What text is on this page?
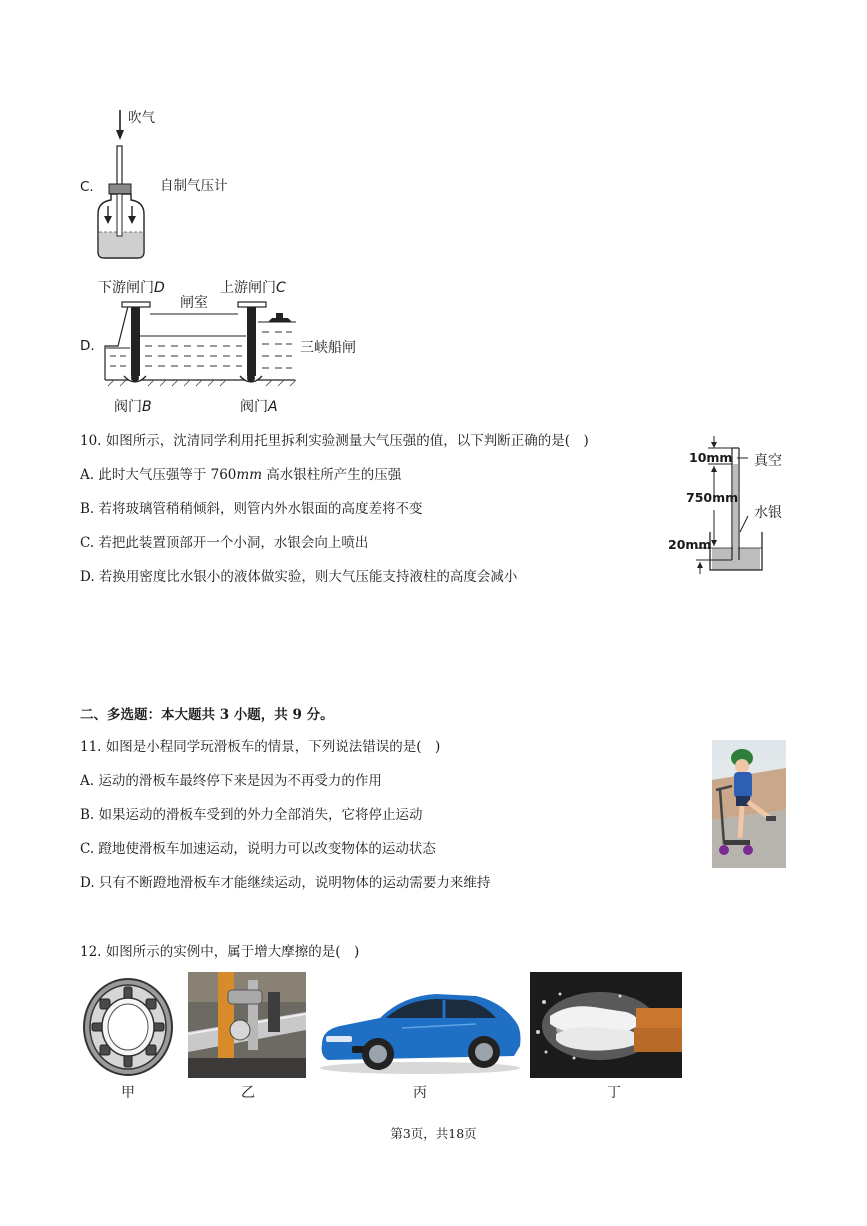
C.
吹气
自制气压计
D.
下游闸门D
闸室
上游闸门C
三峡船闸
阀门B	阀门A
10. 如图所示，沈清同学利用托里拆利实验测量大气压强的值，以下判断正确的是(　)
A. 此时大气压强等于 760mm 高水银柱所产生的压强
B. 若将玻璃管稍稍倾斜，则管内外水银面的高度差将不变
C. 若把此装置顶部开一个小洞，水银会向上喷出
D. 若换用密度比水银小的液体做实验，则大气压能支持液柱的高度会减小
10mm 真空
750mm
水银
20mm
二、多选题：本大题共 3 小题，共 9 分。
11. 如图是小程同学玩滑板车的情景，下列说法错误的是(　)
A. 运动的滑板车最终停下来是因为不再受力的作用
B. 如果运动的滑板车受到的外力全部消失，它将停止运动
C. 蹬地使滑板车加速运动，说明力可以改变物体的运动状态
D. 只有不断蹬地滑板车才能继续运动，说明物体的运动需要力来维持
12. 如图所示的实例中，属于增大摩擦的是(　)
甲	乙	丙	丁
第3页，共18页
